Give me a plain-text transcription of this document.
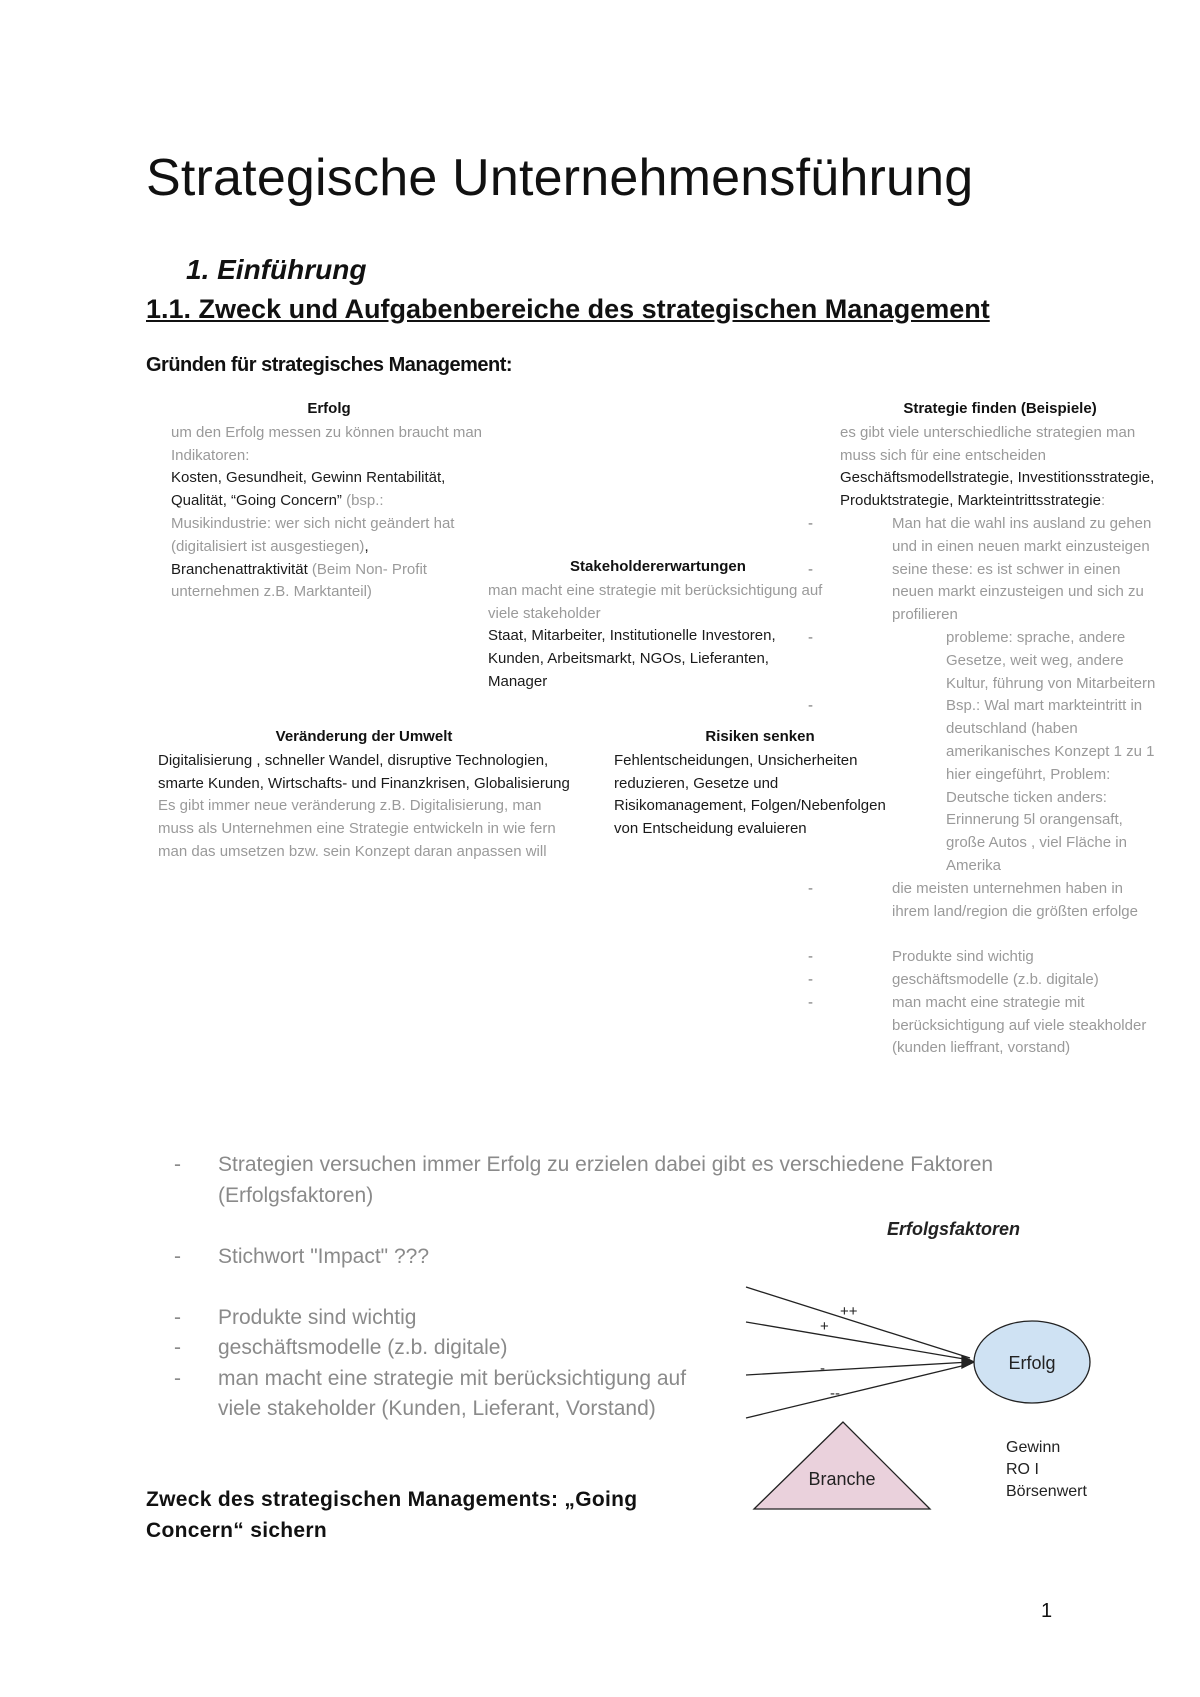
Strategische Unternehmensführung
1. Einführung
1.1. Zweck und Aufgabenbereiche des strategischen Management
Gründen für strategisches Management:
Erfolg

um den Erfolg messen zu können braucht man Indikatoren:

Kosten, Gesundheit, Gewinn Rentabilität, Qualität, “Going Concern” (bsp.: Musikindustrie: wer sich nicht geändert hat (digitalisiert ist ausgestiegen), Branchenattraktivität (Beim Non- Profit unternehmen z.B. Marktanteil)

Stakeholdererwartungen

man macht eine strategie mit berücksichtigung auf viele stakeholder

Staat, Mitarbeiter, Institutionelle Investoren, Kunden, Arbeitsmarkt, NGOs, Lieferanten, Manager

Strategie finden (Beispiele)

es gibt viele unterschiedliche strategien man muss sich für eine entscheiden

Geschäftsmodellstrategie, Investitionsstrategie, Produktstrategie, Markteintrittsstrategie:

- Man hat die wahl ins ausland zu gehen und in einen neuen markt einzusteigen
- seine these: es ist schwer in einen neuen markt einzusteigen und sich zu profilieren
- probleme: sprache, andere Gesetze, weit weg, andere Kultur, führung von Mitarbeitern
- Bsp.: Wal mart markteintritt in deutschland (haben amerikanisches Konzept 1 zu 1 hier eingeführt, Problem: Deutsche ticken anders: Erinnerung 5l orangensaft, große Autos , viel Fläche in Amerika
- die meisten unternehmen haben in ihrem land/region die größten erfolge
- Produkte sind wichtig
- geschäftsmodelle (z.b. digitale)
- man macht eine strategie mit berücksichtigung auf viele steakholder (kunden lieffrant, vorstand)
Veränderung der Umwelt

Digitalisierung , schneller Wandel, disruptive Technologien, smarte Kunden, Wirtschafts- und Finanzkrisen, Globalisierung

Es gibt immer neue veränderung z.B. Digitalisierung, man muss als Unternehmen eine Strategie entwickeln in wie fern man das umsetzen bzw. sein Konzept daran anpassen will

Risiken senken

Fehlentscheidungen, Unsicherheiten reduzieren, Gesetze und Risikomanagement, Folgen/Nebenfolgen von Entscheidung evaluieren

- Strategien versuchen immer Erfolg zu erzielen dabei gibt es verschiedene Faktoren (Erfolgsfaktoren)
- Stichwort "Impact" ???
- Produkte sind wichtig
- geschäftsmodelle (z.b. digitale)
- man macht eine strategie mit berücksichtigung auf viele stakeholder (Kunden, Lieferant, Vorstand)
Zweck des strategischen Managements: „Going Concern“ sichern
Erfolgsfaktoren
++
+
-
--
Erfolg
Branche
Gewinn
RO I
Börsenwert
1
